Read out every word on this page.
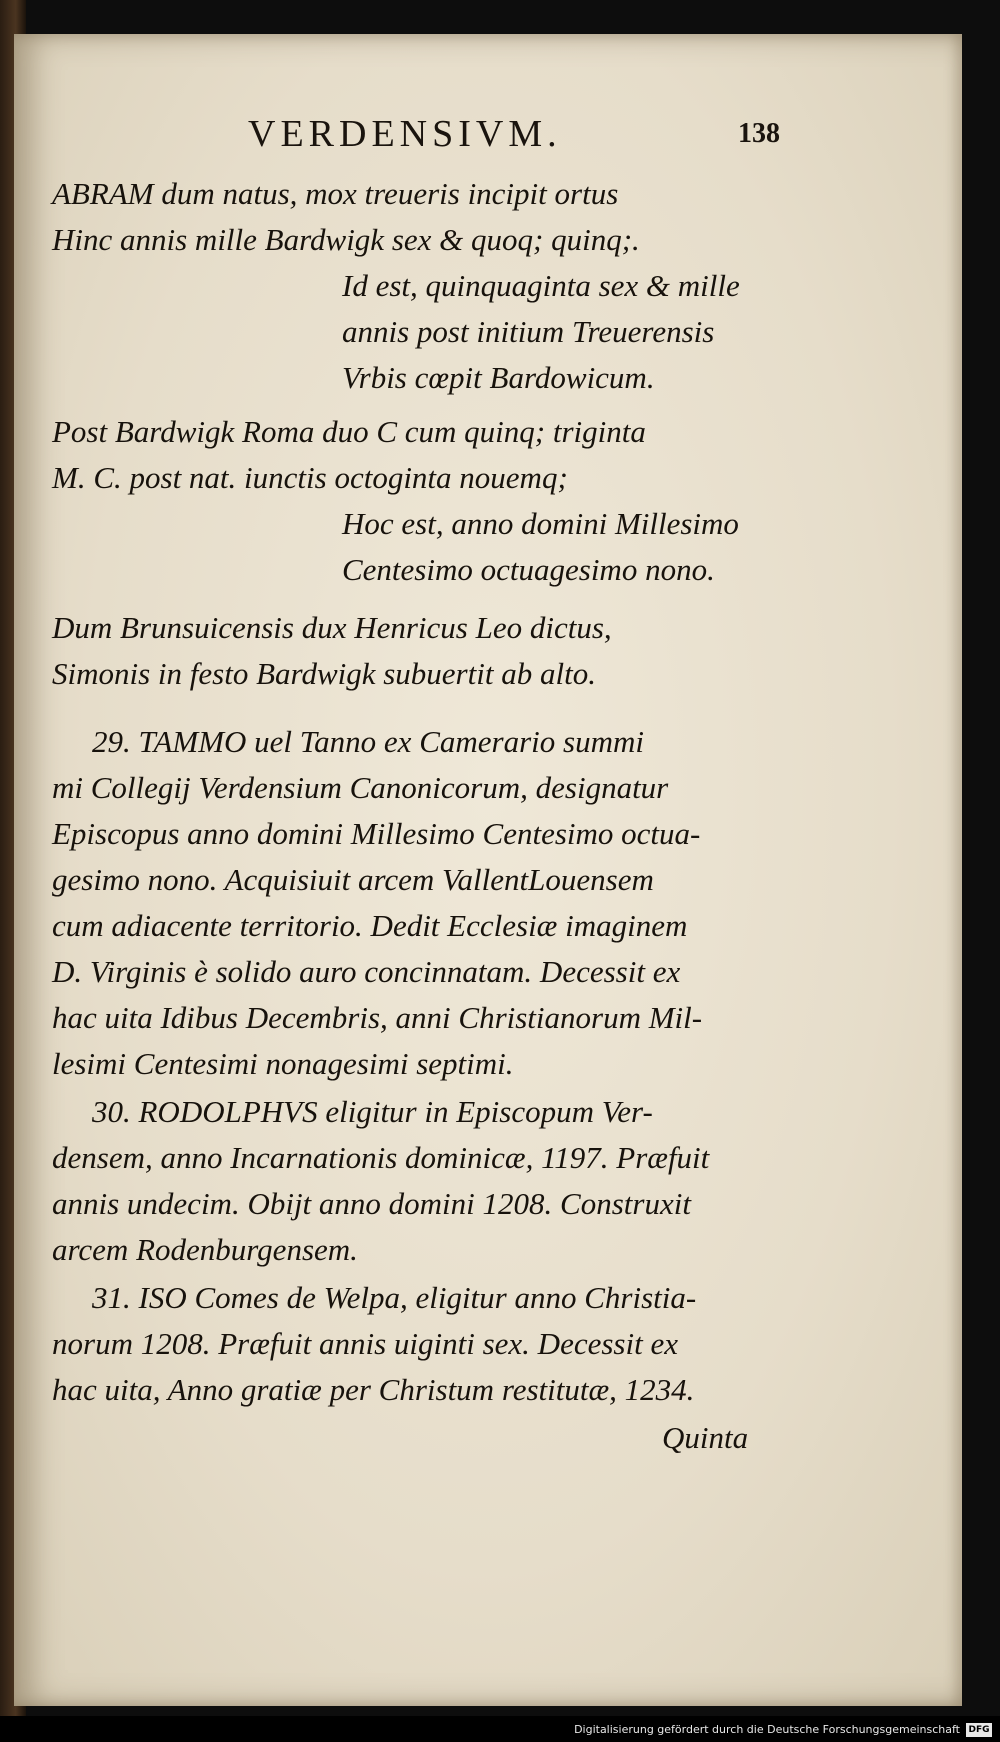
VERDENSIVM.	138
ABRAM dum natus, mox treueris incipit ortus
Hinc annis mille Bardwigk sex & quoq; quinq;.
Id est, quinquaginta sex & mille
annis post initium Treuerensis
Vrbis cœpit Bardowicum.
Post Bardwigk Roma duo C cum quinq; triginta
M. C. post nat. iunctis octoginta nouemq;
Hoc est, anno domini Millesimo
Centesimo octuagesimo nono.
Dum Brunsuicensis dux Henricus Leo dictus,
Simonis in festo Bardwigk subuertit ab alto.
29. TAMMO uel Tanno ex Camerario summi
mi Collegij Verdensium Canonicorum, designatur
Episcopus anno domini Millesimo Centesimo octua-
gesimo nono. Acquisiuit arcem VallentLouensem
cum adiacente territorio. Dedit Ecclesiæ imaginem
D. Virginis è solido auro concinnatam. Decessit ex
hac uita Idibus Decembris, anni Christianorum Mil-
lesimi Centesimi nonagesimi septimi.
30. RODOLPHVS eligitur in Episcopum Ver-
densem, anno Incarnationis dominicæ, 1197. Præfuit
annis undecim. Obijt anno domini 1208. Construxit
arcem Rodenburgensem.
31. ISO Comes de Welpa, eligitur anno Christia-
norum 1208. Præfuit annis uiginti sex. Decessit ex
hac uita, Anno gratiæ per Christum restitutæ, 1234.
Quinta
Digitalisierung gefördert durch die Deutsche Forschungsgemeinschaft DFG
